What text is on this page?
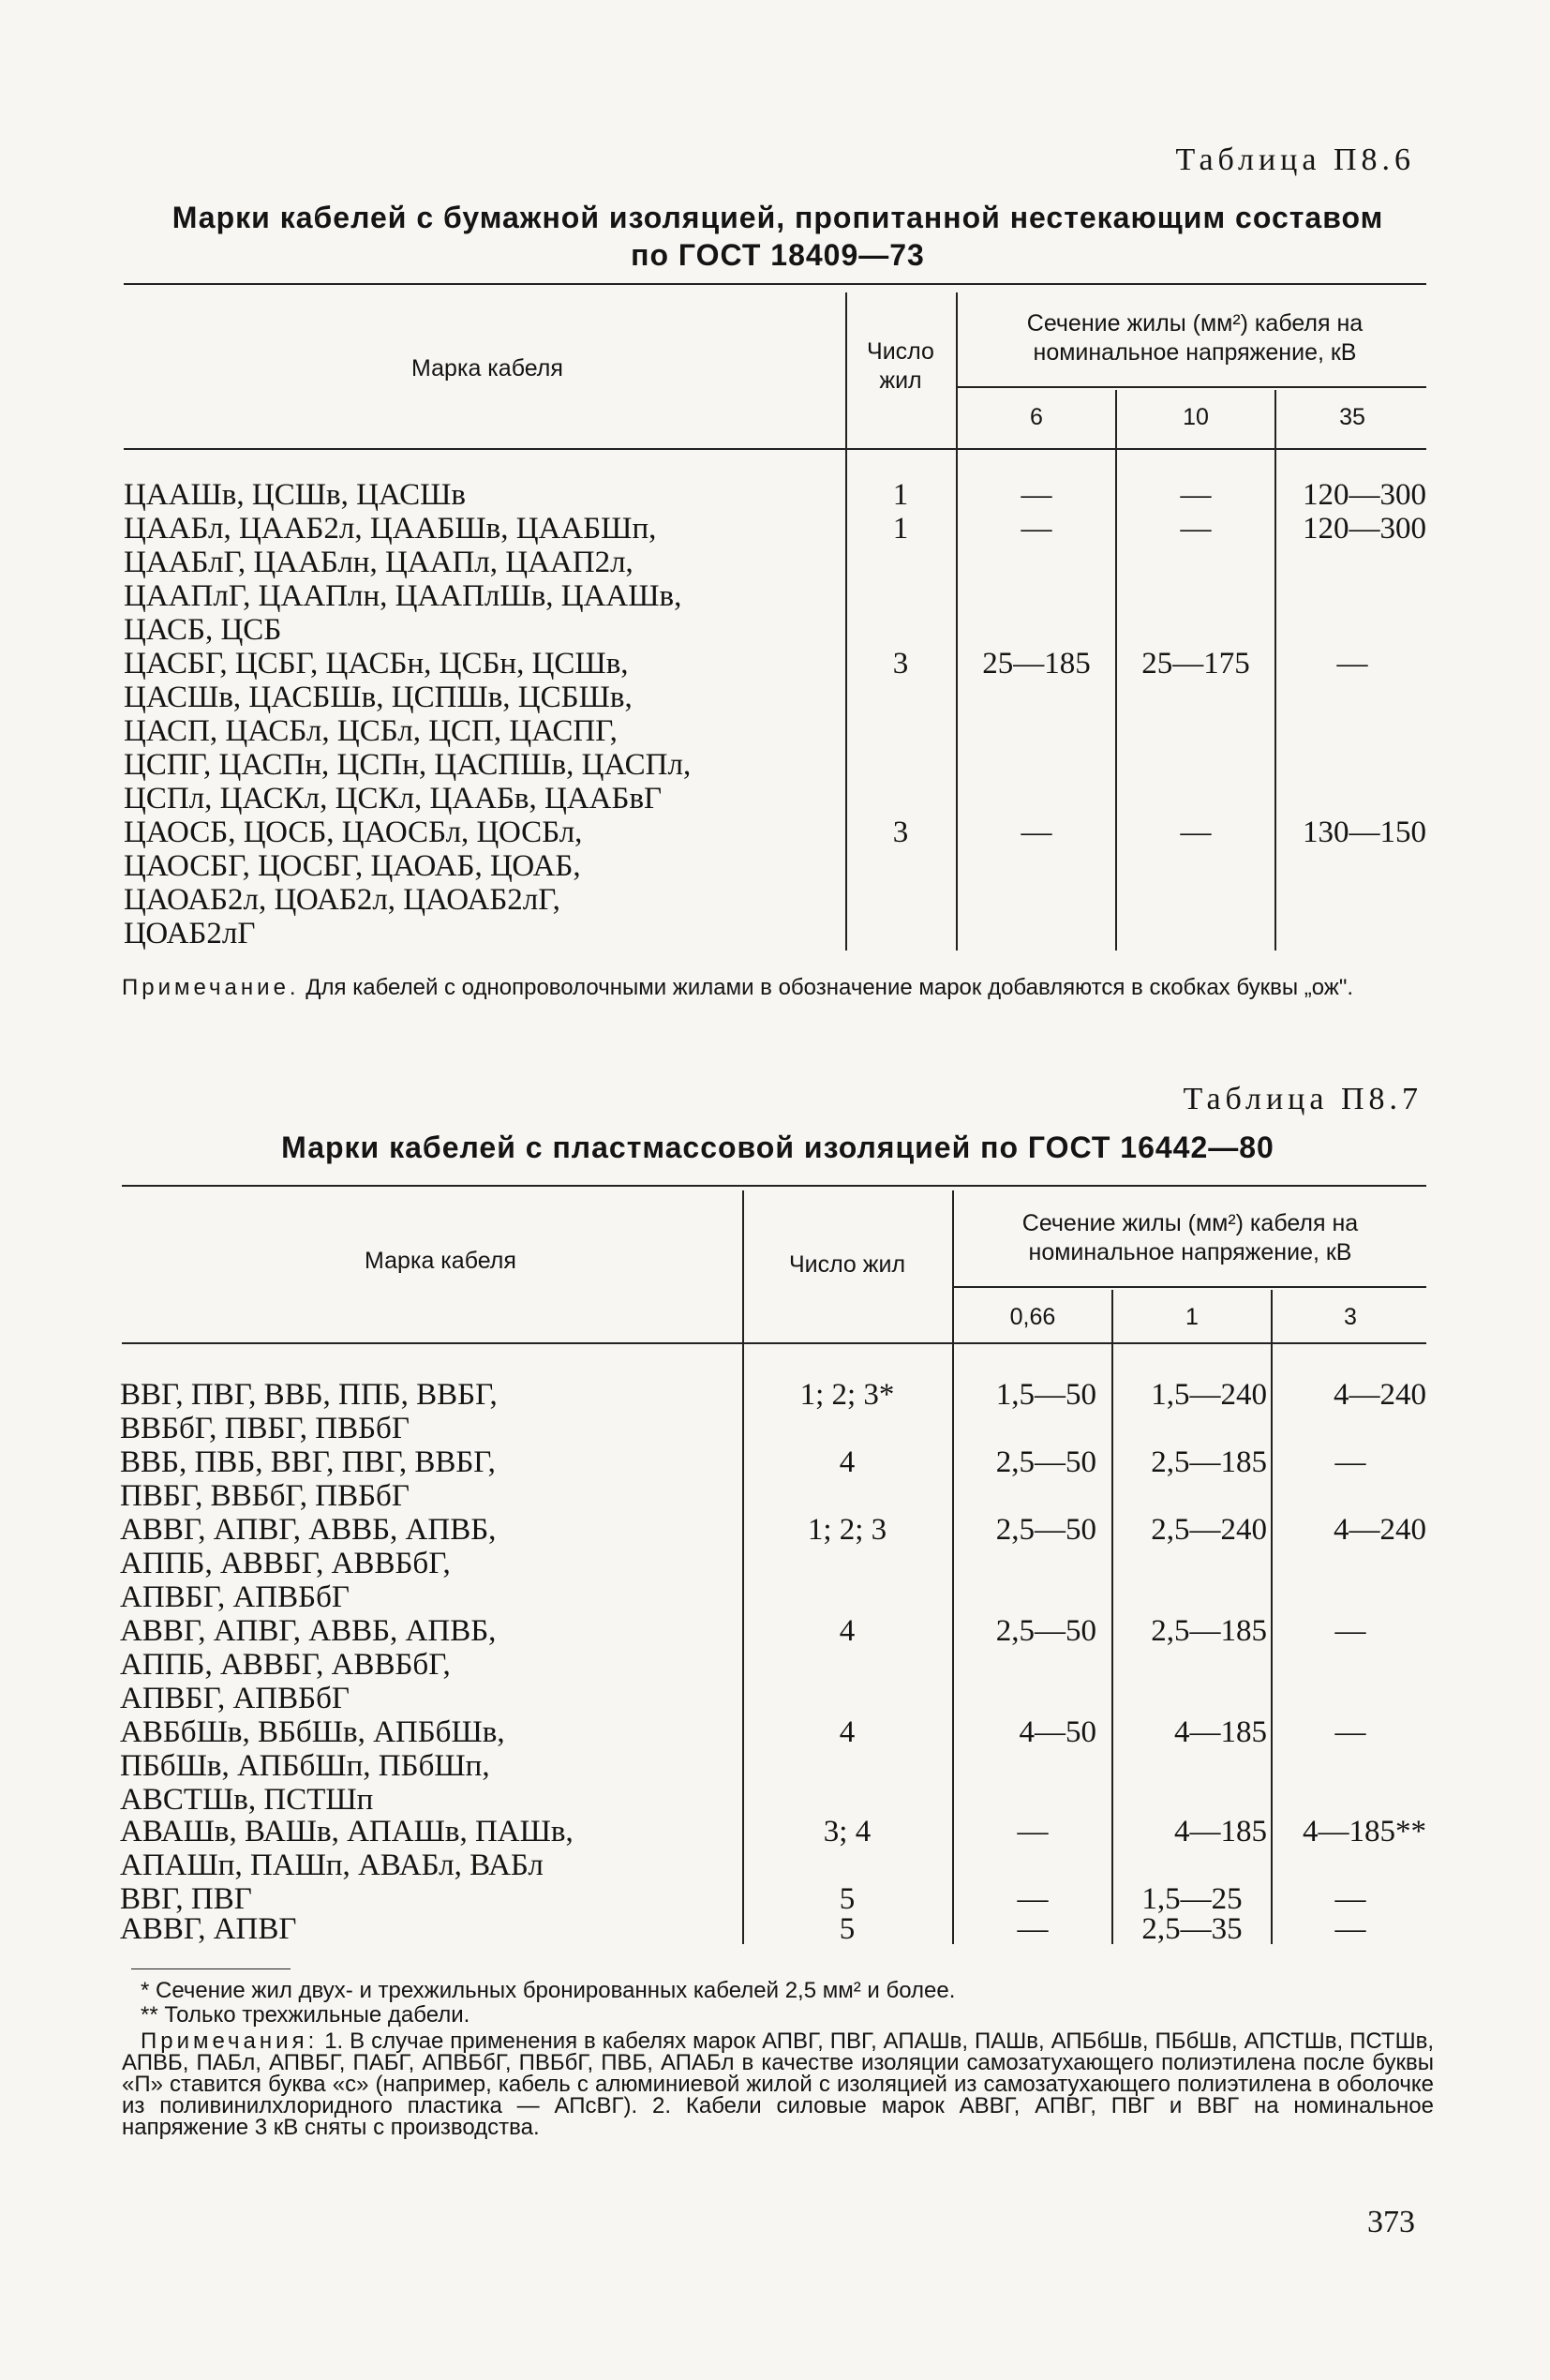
Таблица П8.6
Марки кабелей с бумажной изоляцией, пропитанной нестекающим составом
по ГОСТ 18409—73
Марка кабеля
Число жил
Сечение жилы (мм²) кабеля на номинальное напряжение, кВ
6	10	35
ЦААШв, ЦСШв, ЦАСШв	1	—	—	120—300
ЦААБл, ЦААБ2л, ЦААБШв, ЦААБШп,
ЦААБлГ, ЦААБлн, ЦААПл, ЦААП2л,
ЦААПлГ, ЦААПлн, ЦААПлШв, ЦААШв,
ЦАСБ, ЦСБ
1	—	—	120—300
ЦАСБГ, ЦСБГ, ЦАСБн, ЦСБн, ЦСШв,
ЦАСШв, ЦАСБШв, ЦСПШв, ЦСБШв,
ЦАСП, ЦАСБл, ЦСБл, ЦСП, ЦАСПГ,
ЦСПГ, ЦАСПн, ЦСПн, ЦАСПШв, ЦАСПл,
ЦСПл, ЦАСКл, ЦСКл, ЦААБв, ЦААБвГ
3	25—185	25—175	—
ЦАОСБ, ЦОСБ, ЦАОСБл, ЦОСБл,
ЦАОСБГ, ЦОСБГ, ЦАОАБ, ЦОАБ,
ЦАОАБ2л, ЦОАБ2л, ЦАОАБ2лГ,
ЦОАБ2лГ
3	—	—	130—150
Примечание. Для кабелей с однопроволочными жилами в обозначение марок добавляются в скобках буквы „ож".
Таблица П8.7
Марки кабелей с пластмассовой изоляцией по ГОСТ 16442—80
Марка кабеля	Число жил
Сечение жилы (мм²) кабеля на номинальное напряжение, кВ
0,66	1	3
ВВГ, ПВГ, ВВБ, ППБ, ВВБГ,
ВВБбГ, ПВБГ, ПВБбГ
1; 2; 3*	1,5—50	1,5—240	4—240
ВВБ, ПВБ, ВВГ, ПВГ, ВВБГ,
ПВБГ, ВВБбГ, ПВБбГ
4	2,5—50	2,5—185	—
АВВГ, АПВГ, АВВБ, АПВБ,
АППБ, АВВБГ, АВВБбГ,
АПВБГ, АПВБбГ
1; 2; 3	2,5—50	2,5—240	4—240
АВВГ, АПВГ, АВВБ, АПВБ,
АППБ, АВВБГ, АВВБбГ,
АПВБГ, АПВБбГ
4	2,5—50	2,5—185	—
АВБбШв, ВБбШв, АПБбШв,
ПБбШв, АПБбШп, ПБбШп,
АВСТШв, ПСТШп
4	4—50	4—185	—
АВАШв, ВАШв, АПАШв, ПАШв,
АПАШп, ПАШп, АВАБл, ВАБл
3; 4	—	4—185	4—185**
ВВГ, ПВГ	5	—	1,5—25	—
АВВГ, АПВГ	5	—	2,5—35	—
* Сечение жил двух- и трехжильных бронированных кабелей 2,5 мм² и более.
** Только трехжильные дабели.
Примечания: 1. В случае применения в кабелях марок АПВГ, ПВГ, АПАШв, ПАШв, АПБбШв, ПБбШв, АПСТШв, ПСТШв, АПВБ, ПАБл, АПВБГ, ПАБГ, АПВБбГ, ПВБбГ, ПВБ, АПАБл в качестве изоляции самозатухающего полиэтилена после буквы «П» ставится буква «с» (например, кабель с алюминиевой жилой с изоляцией из самозатухающего полиэтилена в оболочке из поливинилхлоридного пластика — АПсВГ). 2. Кабели силовые марок АВВГ, АПВГ, ПВГ и ВВГ на номинальное напряжение 3 кВ сняты с производства.
373
